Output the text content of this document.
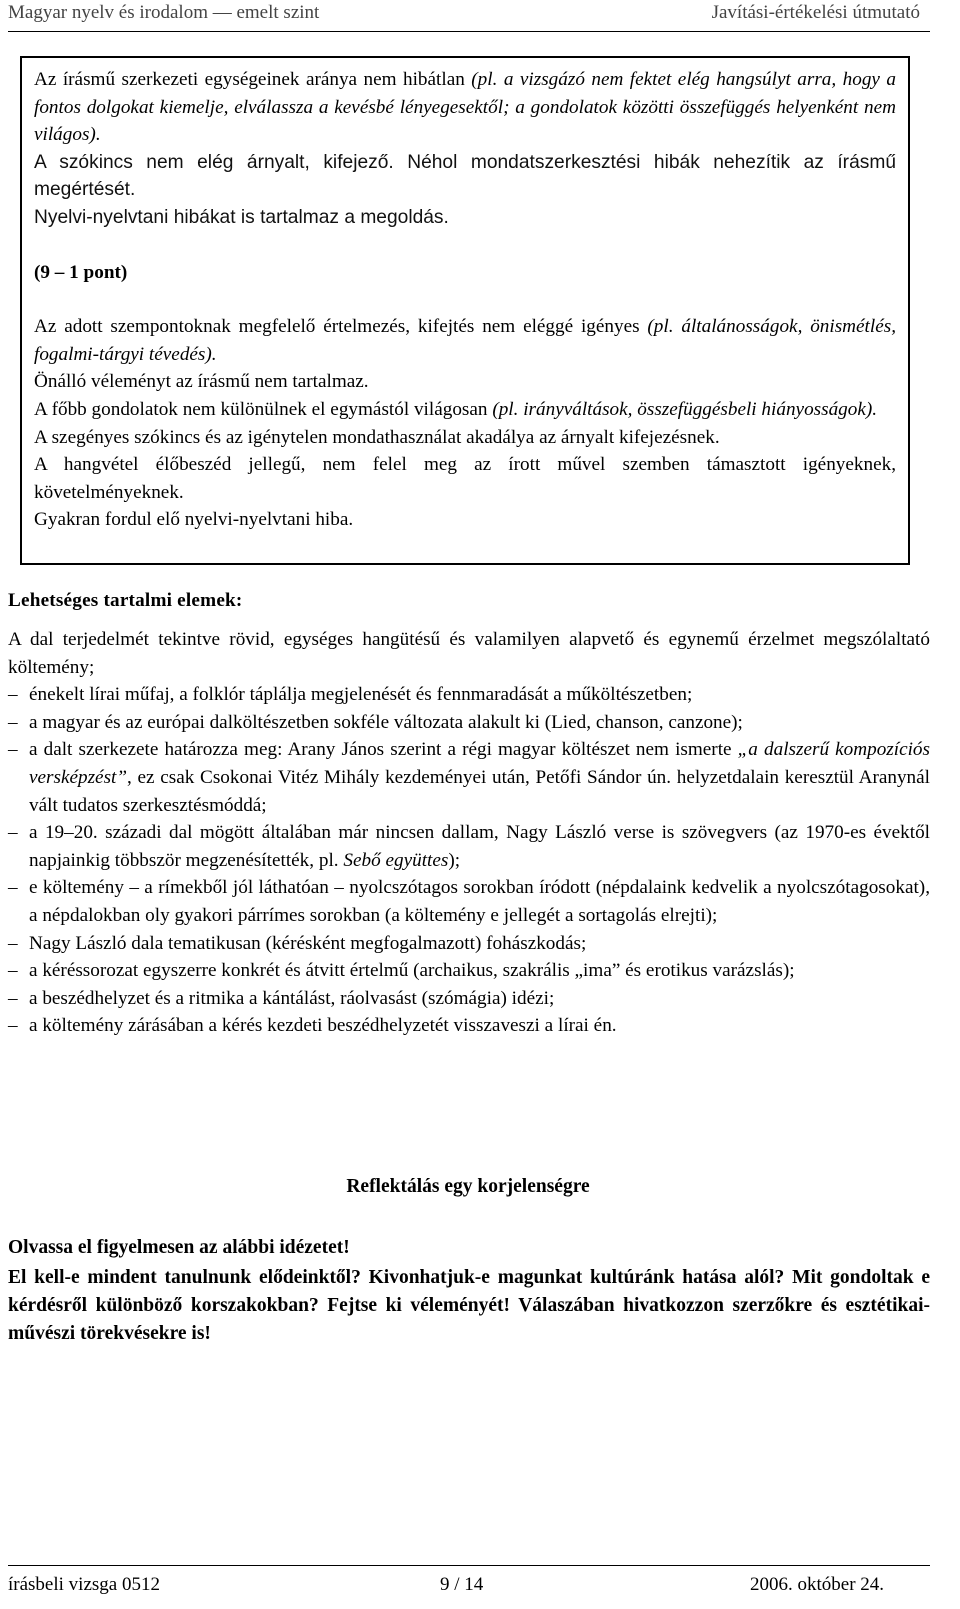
Magyar nyelv és irodalom — emelt szint	Javítási-értékelési útmutató

Az írásmű szerkezeti egységeinek aránya nem hibátlan (pl. a vizsgázó nem fektet elég hangsúlyt arra, hogy a fontos dolgokat kiemelje, elválassza a kevésbé lényegesektől; a gondolatok közötti összefüggés helyenként nem világos).

A szókincs nem elég árnyalt, kifejező. Néhol mondatszerkesztési hibák nehezítik az írásmű megértését.

Nyelvi-nyelvtani hibákat is tartalmaz a megoldás.

(9 – 1 pont)

Az adott szempontoknak megfelelő értelmezés, kifejtés nem eléggé igényes (pl. általánosságok, önismétlés, fogalmi-tárgyi tévedés).

Önálló véleményt az írásmű nem tartalmaz.

A főbb gondolatok nem különülnek el egymástól világosan (pl. irányváltások, összefüggésbeli hiányosságok).

A szegényes szókincs és az igénytelen mondathasználat akadálya az árnyalt kifejezésnek.

A hangvétel élőbeszéd jellegű, nem felel meg az írott művel szemben támasztott igényeknek, követelményeknek.

Gyakran fordul elő nyelvi-nyelvtani hiba.

Lehetséges tartalmi elemek:

A dal terjedelmét tekintve rövid, egységes hangütésű és valamilyen alapvető és egynemű érzelmet megszólaltató költemény;

– énekelt lírai műfaj, a folklór táplálja megjelenését és fennmaradását a műköltészetben;

– a magyar és az európai dalköltészetben sokféle változata alakult ki (Lied, chanson, canzone);

– a dalt szerkezete határozza meg: Arany János szerint a régi magyar költészet nem ismerte „a dalszerű kompozíciós versképzést”, ez csak Csokonai Vitéz Mihály kezdeményei után, Petőfi Sándor ún. helyzetdalain keresztül Aranynál vált tudatos szerkesztésmóddá;

– a 19–20. századi dal mögött általában már nincsen dallam, Nagy László verse is szövegvers (az 1970-es évektől napjainkig többször megzenésítették, pl. Sebő együttes);

– e költemény – a rímekből jól láthatóan – nyolcszótagos sorokban íródott (népdalaink kedvelik a nyolcszótagosokat), a népdalokban oly gyakori párrímes sorokban (a költemény e jellegét a sortagolás elrejti);

– Nagy László dala tematikusan (kérésként megfogalmazott) fohászkodás;

– a kéréssorozat egyszerre konkrét és átvitt értelmű (archaikus, szakrális „ima” és erotikus varázslás);

– a beszédhelyzet és a ritmika a kántálást, ráolvasást (szómágia) idézi;

– a költemény zárásában a kérés kezdeti beszédhelyzetét visszaveszi a lírai én.

Reflektálás egy korjelenségre

Olvassa el figyelmesen az alábbi idézetet!

El kell-e mindent tanulnunk elődeinktől? Kivonhatjuk-e magunkat kultúránk hatása alól? Mit gondoltak e kérdésről különböző korszakokban? Fejtse ki véleményét! Válaszában hivatkozzon szerzőkre és esztétikai-művészi törekvésekre is!

írásbeli vizsga 0512	9 / 14	2006. október 24.
